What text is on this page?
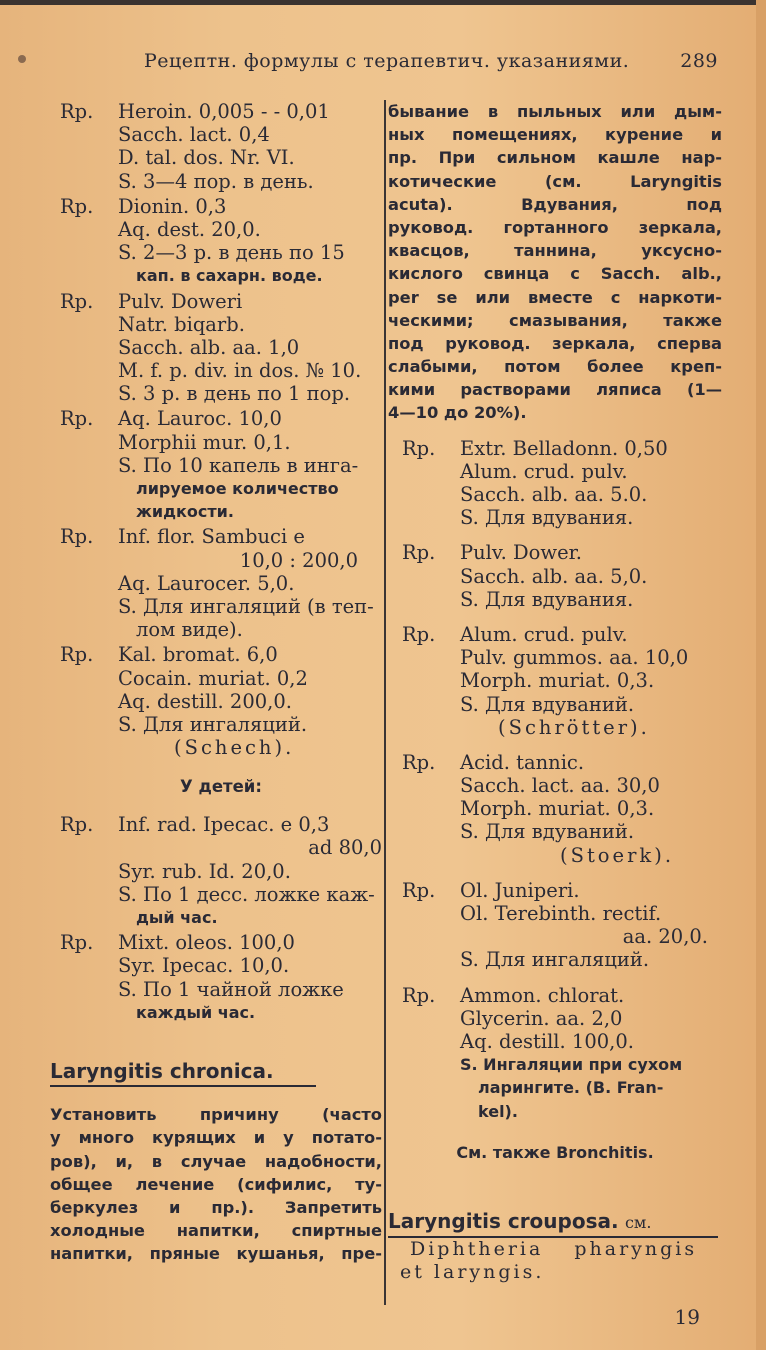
Рецептн. формулы с терапевтич. указаниями.	289
Rp.	Heroin. 0,005 - - 0,01
Sacch. lact. 0,4
D. tal. dos. Nr. VI.
S. 3—4 пор. в день.
Rp.	Dionin. 0,3
Aq. dest. 20,0.
S. 2—3 р. в день по 15
кап. в сахарн. воде.
Rp.	Pulv. Doweri
Natr. biqarb.
Sacch. alb. aa. 1,0
M. f. p. div. in dos. № 10.
S. 3 р. в день по 1 пор.
Rp.	Aq. Lauroc. 10,0
Morphii mur. 0,1.
S. По 10 капель в инга-
лируемое количество
жидкости.
Rp.	Inf. flor. Sambuci e
10,0 : 200,0
Aq. Laurocer. 5,0.
S. Для ингаляций (в теп-
лом виде).
Rp.	Kal. bromat. 6,0
Cocain. muriat. 0,2
Aq. destill. 200,0.
S. Для ингаляций.
(Schech).
У детей:
Rp.	Inf. rad. Ipecac. e 0,3
ad 80,0
Syr. rub. Id. 20,0.
S. По 1 десс. ложке каж-
дый час.
Rp.	Mixt. oleos. 100,0
Syr. Ipecac. 10,0.
S. По 1 чайной ложке
каждый час.
Laryngitis chronica.
Установить причину (часто
у много курящих и у потато-
ров), и, в случае надобности,
общее лечение (сифилис, ту-
беркулез и пр.). Запретить
холодные напитки, спиртные
напитки, пряные кушанья, пре-
бывание в пыльных или дым-
ных помещениях, курение и
пр. При сильном кашле нар-
котические (см. Laryngitis
acuta). Вдувания, под
руковод. гортанного зеркала,
квасцов, таннина, уксусно-
кислого свинца с Sacch. alb.,
per se или вместе с наркоти-
ческими; смазывания, также
под руковод. зеркала, сперва
слабыми, потом более креп-
кими растворами ляписа (1—
4—10 до 20%).
Rp.	Extr. Belladonn. 0,50
Alum. crud. pulv.
Sacch. alb. aa. 5.0.
S. Для вдувания.
Rp.	Pulv. Dower.
Sacch. alb. aa. 5,0.
S. Для вдувания.
Rp.	Alum. crud. pulv.
Pulv. gummos. aa. 10,0
Morph. muriat. 0,3.
S. Для вдуваний.
(Schrötter).
Rp.	Acid. tannic.
Sacch. lact. aa. 30,0
Morph. muriat. 0,3.
S. Для вдуваний.
(Stoerk).
Rp.	Ol. Juniperi.
Ol. Terebinth. rectif.
aa. 20,0.
S. Для ингаляций.
Rp.	Ammon. chlorat.
Glycerin. aa. 2,0
Aq. destill. 100,0.
S. Ингаляции при сухом
ларингите. (B. Fran-
kel).
См. также Bronchitis.
Laryngitis croupοsa. см.
Diphtheria pharyngis
et laryngis.
19
